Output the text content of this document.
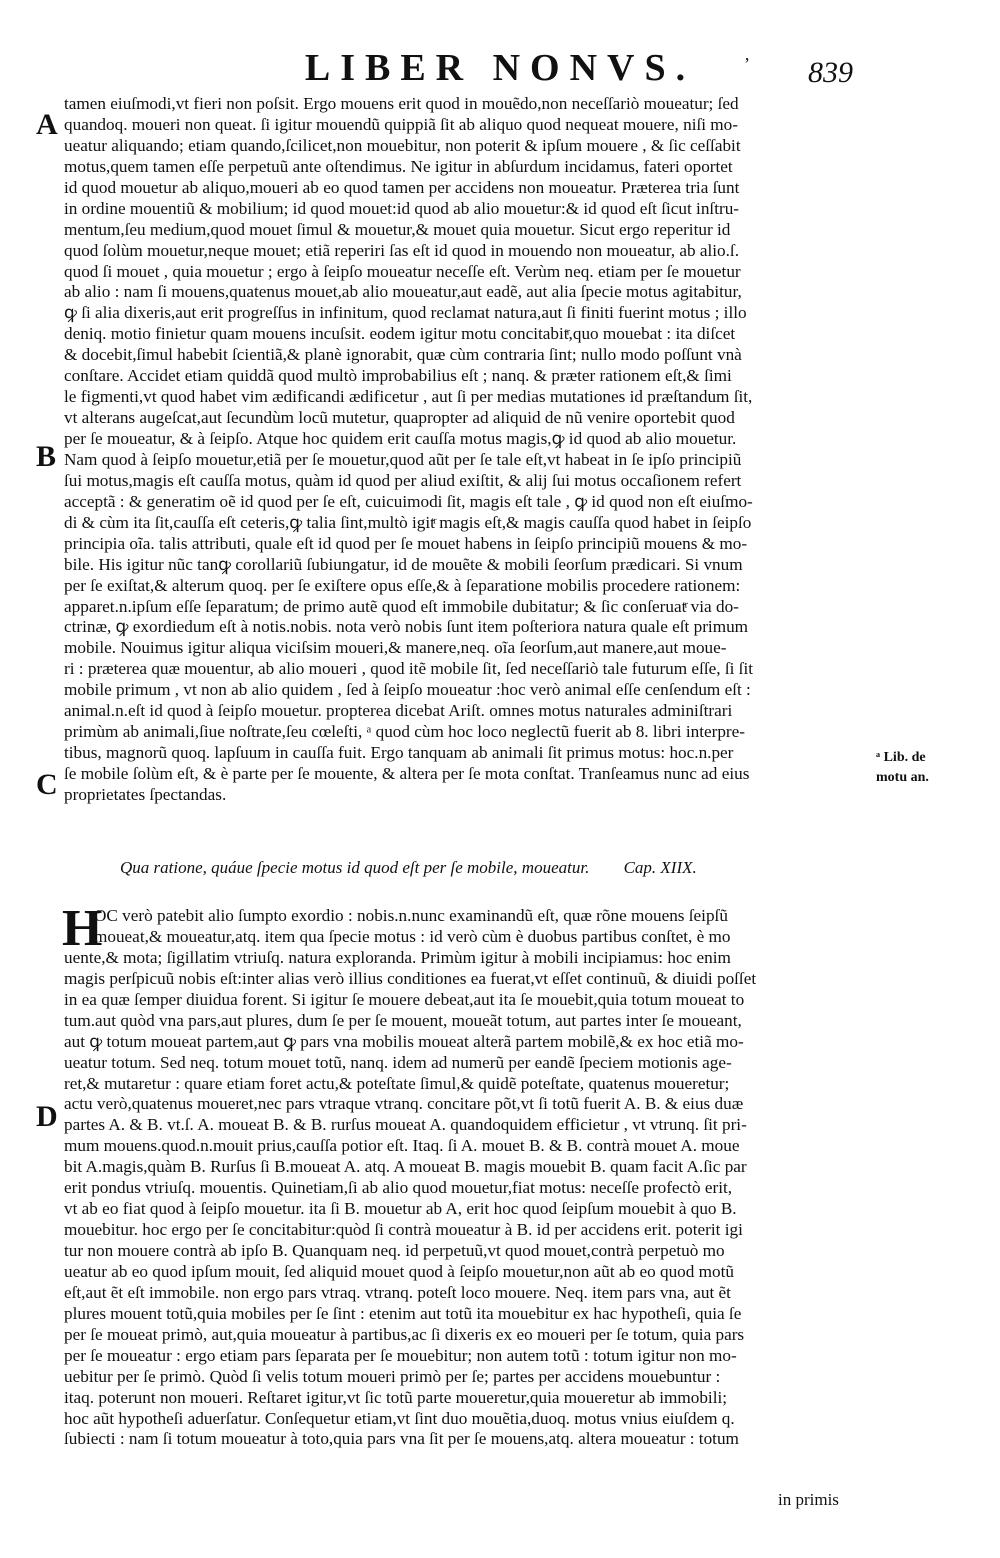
LIBER NONVS.	ʼ 839
A
B
C
D
ᵃ Lib. de
motu an.
tamen eiuſmodi,vt fieri non poſsit. Ergo mouens erit quod in mouẽdo,non neceſſariò moueatur; ſed
quandoq. moueri non queat. ſi igitur mouendũ quippiã ſit ab aliquo quod nequeat mouere, niſi mo-
ueatur aliquando; etiam quando,ſcilicet,non mouebitur, non poterit & ipſum mouere , & ſic ceſſabit
motus,quem tamen eſſe perpetuũ ante oſtendimus. Ne igitur in abſurdum incidamus, fateri oportet
id quod mouetur ab aliquo,moueri ab eo quod tamen per accidens non moueatur. Præterea tria ſunt
in ordine mouentiũ & mobilium; id quod mouet:id quod ab alio mouetur:& id quod eſt ſicut inſtru-
mentum,ſeu medium,quod mouet ſimul & mouetur,& mouet quia mouetur. Sicut ergo reperitur id
quod ſolùm mouetur,neque mouet; etiã reperiri ſas eſt id quod in mouendo non moueatur, ab alio.ſ.
quod ſi mouet , quia mouetur ; ergo à ſeipſo moueatur neceſſe eſt. Verùm neq. etiam per ſe mouetur
ab alio : nam ſi mouens,quatenus mouet,ab alio moueatur,aut eadẽ, aut alia ſpecie motus agitabitur,
ꝙ ſi alia dixeris,aut erit progreſſus in infinitum, quod reclamat natura,aut ſi finiti fuerint motus ; illo
deniq. motio finietur quam mouens incuſsit. eodem igitur motu concitabitͬ,quo mouebat : ita diſcet
& docebit,ſimul habebit ſcientiã,& planè ignorabit, quæ cùm contraria ſint; nullo modo poſſunt vnà
conſtare. Accidet etiam quiddã quod multò improbabilius eſt ; nanq. & præter rationem eſt,& ſimi
le figmenti,vt quod habet vim ædificandi ædificetur , aut ſi per medias mutationes id præſtandum ſit,
vt alterans augeſcat,aut ſecundùm locũ mutetur, quapropter ad aliquid de nũ venire oportebit quod
per ſe moueatur, & à ſeipſo. Atque hoc quidem erit cauſſa motus magis,ꝙ id quod ab alio mouetur.
Nam quod à ſeipſo mouetur,etiã per ſe mouetur,quod aũt per ſe tale eſt,vt habeat in ſe ipſo principiũ
ſui motus,magis eſt cauſſa motus, quàm id quod per aliud exiſtit, & alij ſui motus occaſionem refert
acceptã : & generatim oẽ id quod per ſe eſt, cuicuimodi ſit, magis eſt tale , ꝙ id quod non eſt eiuſmo-
di & cùm ita ſit,cauſſa eſt ceteris,ꝙ talia ſint,multò igitͬ magis eſt,& magis cauſſa quod habet in ſeipſo
principia oĩa. talis attributi, quale eſt id quod per ſe mouet habens in ſeipſo principiũ mouens & mo-
bile. His igitur nũc tanꝙ corollariũ ſubiungatur, id de mouẽte & mobili ſeorſum prædicari. Si vnum
per ſe exiſtat,& alterum quoq. per ſe exiſtere opus eſſe,& à ſeparatione mobilis procedere rationem:
apparet.n.ipſum eſſe ſeparatum; de primo autẽ quod eſt immobile dubitatur; & ſic conſeruatͬ via do-
ctrinæ, ꝙ exordiedum eſt à notis.nobis. nota verò nobis ſunt item poſteriora natura quale eſt primum
mobile. Nouimus igitur aliqua viciſsim moueri,& manere,neq. oĩa ſeorſum,aut manere,aut moue-
ri : præterea quæ mouentur, ab alio moueri , quod itẽ mobile ſit, ſed neceſſariò tale futurum eſſe, ſi ſit
mobile primum , vt non ab alio quidem , ſed à ſeipſo moueatur :hoc verò animal eſſe cenſendum eſt :
animal.n.eſt id quod à ſeipſo mouetur. propterea dicebat Ariſt. omnes motus naturales adminiſtrari
primùm ab animali,ſiue noſtrate,ſeu cœleſti, ᵃ quod cùm hoc loco neglectũ fuerit ab 8. libri interpre-
tibus, magnorũ quoq. lapſuum in cauſſa fuit. Ergo tanquam ab animali ſit primus motus: hoc.n.per
ſe mobile ſolùm eſt, & è parte per ſe mouente, & altera per ſe mota conſtat. Tranſeamus nunc ad eius
proprietates ſpectandas.
Qua ratione, quáue ſpecie motus id quod eſt per ſe mobile, moueatur. Cap. XIIX.
H
OC verò patebit alio ſumpto exordio : nobis.n.nunc examinandũ eſt, quæ rõne mouens ſeipſũ
moueat,& moueatur,atq. item qua ſpecie motus : id verò cùm è duobus partibus conſtet, è mo
uente,& mota; ſigillatim vtriuſq. natura exploranda. Primùm igitur à mobili incipiamus: hoc enim
magis perſpicuũ nobis eſt:inter alias verò illius conditiones ea fuerat,vt eſſet continuũ, & diuidi poſſet
in ea quæ ſemper diuidua forent. Si igitur ſe mouere debeat,aut ita ſe mouebit,quia totum moueat to
tum.aut quòd vna pars,aut plures, dum ſe per ſe mouent, moueãt totum, aut partes inter ſe moueant,
aut ꝙ totum moueat partem,aut ꝙ pars vna mobilis moueat alterã partem mobilẽ,& ex hoc etiã mo-
ueatur totum. Sed neq. totum mouet totũ, nanq. idem ad numerũ per eandẽ ſpeciem motionis age-
ret,& mutaretur : quare etiam foret actu,& poteſtate ſimul,& quidẽ poteſtate, quatenus moueretur;
actu verò,quatenus moueret,nec pars vtraque vtranq. concitare põt,vt ſi totũ fuerit A. B. & eius duæ
partes A. & B. vt.ſ. A. moueat B. & B. rurſus moueat A. quandoquidem efficietur , vt vtrunq. ſit pri-
mum mouens.quod.n.mouit prius,cauſſa potior eſt. Itaq. ſi A. mouet B. & B. contrà mouet A. moue
bit A.magis,quàm B. Rurſus ſi B.moueat A. atq. A moueat B. magis mouebit B. quam facit A.ſic par
erit pondus vtriuſq. mouentis. Quinetiam,ſi ab alio quod mouetur,fiat motus: neceſſe profectò erit,
vt ab eo fiat quod à ſeipſo mouetur. ita ſi B. mouetur ab A, erit hoc quod ſeipſum mouebit à quo B.
mouebitur. hoc ergo per ſe concitabitur:quòd ſi contrà moueatur à B. id per accidens erit. poterit igi
tur non mouere contrà ab ipſo B. Quanquam neq. id perpetuũ,vt quod mouet,contrà perpetuò mo
ueatur ab eo quod ipſum mouit, ſed aliquid mouet quod à ſeipſo mouetur,non aũt ab eo quod motũ
eſt,aut ẽt eſt immobile. non ergo pars vtraq. vtranq. poteſt loco mouere. Neq. item pars vna, aut ẽt
plures mouent totũ,quia mobiles per ſe ſint : etenim aut totũ ita mouebitur ex hac hypotheſi, quia ſe
per ſe moueat primò, aut,quia moueatur à partibus,ac ſi dixeris ex eo moueri per ſe totum, quia pars
per ſe moueatur : ergo etiam pars ſeparata per ſe mouebitur; non autem totũ : totum igitur non mo-
uebitur per ſe primò. Quòd ſi velis totum moueri primò per ſe; partes per accidens mouebuntur :
itaq. poterunt non moueri. Reſtaret igitur,vt ſic totũ parte moueretur,quia moueretur ab immobili;
hoc aũt hypotheſi aduerſatur. Conſequetur etiam,vt ſint duo mouẽtia,duoq. motus vnius eiuſdem q.
ſubiecti : nam ſi totum moueatur à toto,quia pars vna ſit per ſe mouens,atq. altera moueatur : totum
in primis
